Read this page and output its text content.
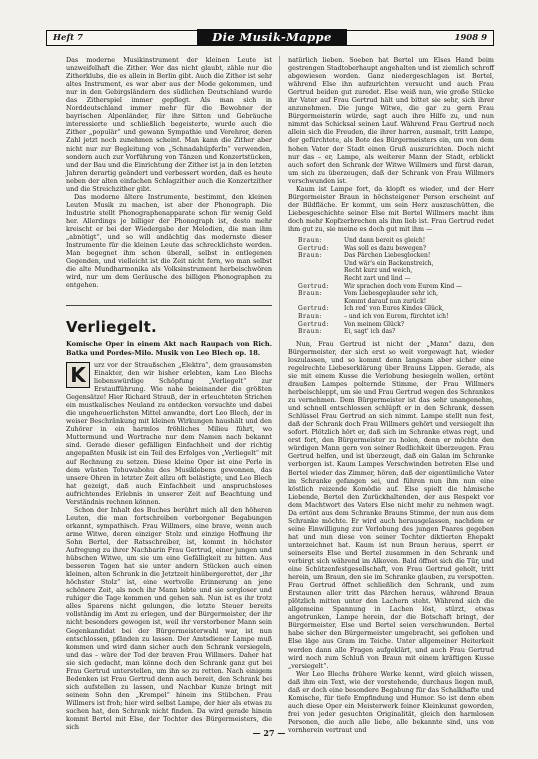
Heft 7	Die Musik-Mappe	1908 9

Das moderne Musikinstrument der kleinen Leute ist unzweifelhaft die Zither. Wer das nicht glaubt, zähle nur die Zitherklubs, die es allein in Berlin gibt. Auch die Zither ist sehr altes Instrument, es war aber aus der Mode gekommen, und nur in den Gebirgsländern des südlichen Deutschland wurde das Zitherspiel immer gepflegt. Als man sich in Norddeutschland immer mehr für die Bewohner der bayrischen Alpenländer, für ihre Sitten und Gebräuche interessierte und schließlich begeisterte, wurde auch die Zither „populär“ und gewann Sympathie und Verehrer, deren Zahl jetzt noch zunehmen scheint. Man kann die Zither aber nicht nur zur Begleitung von „Schnadahüpferln“ verwenden, sondern auch zur Vorführung von Tänzen und Konzertstücken, und der Bau und die Einrichtung der Zither ist ja in den letzten Jahren derartig geändert und verbessert worden, daß es heute neben der alten einfachen Schlagzither auch die Konzertzither und die Streichzither gibt.

Das moderne ältere Instrumente, bestimmt, den kleinen Leuten Musik zu machen, ist aber der Phonograph. Die Industrie stellt Phonographenapparate schon für wenig Geld her. Allerdings je billiger der Phonograph ist, desto mehr kreischt er bei der Wiedergabe der Melodien, die man ihm „abnötigt“, und so will andächtig das modernste dieser Instrumente für die kleinen Leute das schrecklichste werden. Man begegnet ihm schon überall, selbst in entlegenen Gegenden, und vielleicht ist die Zeit nicht fern, wo man selbst die alte Mundharmonika als Volksinstrument herbeischwören wird, nur um dem Geräusche des billigen Phonographen zu entgehen.

Verliegelt.
Komische Oper in einem Akt nach Raupach von Rich. Batka und Pordes-Milo. Musik von Leo Blech op. 18.
K	urz vor der Straußschen „Elektra“, dem grausamsten Einakter, den wir bisher erlebten, kam Leo Blechs liebenswürdige Schöpfung „Verliegelt“ zur Erstaufführung. Wie nahe beieinander die größten Gegensätze! Hier Richard Strauß, der in erleuchteten Strichen ein mustkalisches Neuland zu entdecken versuchte und dabei die ungeheuerlichsten Mittel anwandte, dort Leo Blech, der in weiser Beschränkung mit kleinen Wirkungen haushält und den Zuhörer in ein harmlos fröhliches Milieu führt, wo Muttermund und Wortrache nur dem Namen nach bekannt sind. Gerade dieser gefälligen Einfachheit und der richtig angepaßten Musik ist ein Teil des Erfolges von „Verliegelt“ mit auf Rechnung zu setzen. Diese kleine Oper ist eine Perle in dem wüsten Tohuwabohu des Musiklebens gewonnen, das unsere Ohren in letzter Zeit allzu oft belästigte, und Leo Blech hat gezeigt, daß auch Einfachheit und anspruchsloses aufrichtendes Erlebnis in unserer Zeit auf Beachtung und Verständnis rechnen können.

Schon der Inhalt des Buches berührt mich all den höheren Leuten, die man fortschreiben verborgener Begabungen erkannt, sympathisch. Frau Willmers, eine brave, wenn auch arme Witwe, deren einziger Stolz und einzige Hoffnung ihr Sohn Bertel, der Ratsschreiber, ist, kommt in höchster Aufregung zu ihrer Nachbarin Frau Gertrud, einer jungen und hübschen Witwe, um sie um eine Gefälligkeit zu bitten. Aus besseren Tagen hat sie unter andern Stücken auch einen kleinen, alten Schrank in die Jetztzeit hinübergerettet, der „ihr höchster Stolz“ ist, eine wertvolle Erinnerung an jene schönere Zeit, als noch ihr Mann lebte und sie sorgloser und ruhiger die Tage kommen und gehen sah. Nun ist es ihr trotz alles Sparens nicht gelungen, die letzte Steuer bereits vollständig im Amt zu erlegen, und der Bürgermeister, der ihr nicht besonders gewogen ist, weil ihr verstorbener Mann sein Gegenkandidat bei der Bürgermeisterwahl war, ist nun entschlossen, pfänden zu lassen. Der Amtsdiener Lampe muß kommen und wird dann sicher auch den Schrank versiegeln, und das – wäre der Tod der braven Frau Willmers. Daher hat sie sich gedacht, man könne doch den Schrank ganz gut bei Frau Gertrud unterstellen, um ihn so zu retten. Nach einigem Bedenken ist Frau Gertrud denn auch bereit, den Schrank bei sich aufstellen zu lassen, und Nachbar Kunze bringt mit seinem Sohn den „Krempel“ hinein ins Stübchen. Frau Willmers ist froh; hier wird selbst Lampe, der hier als etwas zu suchen hat, den Schrank nicht finden. Da wird gerade hinein kommt Bertel mit Else, der Tochter des Bürgermeisters, die sich

natürlich lieben. Soeben hat Bertel um Elses Hand beim gestrengen Stadtoberhaupt angehalten und ist ziemlich schroff abgewiesen worden. Ganz niedergeschlagen ist Bertel, während Else ihn aufzurichten versucht und auch Frau Gertrud beiden gut zuredet. Else weiß nun, wie große Stücke ihr Vater auf Frau Gertrud hält und bittet sie sehr, sich ihrer anzunehmen. Die junge Witwe, die gar zu gern Frau Bürgermeisterin würde, sagt auch ihre Hilfe zu, und nun nimmt das Schicksal seinen Lauf. Während Frau Gertrud noch allein sich die Freuden, die ihrer harren, ausmalt, tritt Lampe, der gefürchtete, als Bote des Bürgermeisters ein, um von dem hohen Vater der Stadt einen Gruß auszurichten. Doch nicht nur das – er, Lampe, als weiterer Mann der Stadt, erblickt auch sofort den Schrank der Witwe Willmers und fürst daran, um sich zu überzeugen, daß der Schrank von Frau Willmers verschwunden ist.

Kaum ist Lampe fort, da klopft es wieder, und der Herr Bürgermeister Braun in höchsteigener Person erscheint auf der Bildfläche. Er kommt, um sein Herz auszuschütten, die Liebesgeschichte seiner Else mit Bertel Willmers macht ihm doch mehr Kopfzerbrechen als ihm lieb ist. Frau Gertrud redet ihm gut zu, sie meine es doch gut mit ihm —

Braun:	Und dann bereit es gleich!
Gertrud:	Was soll es dazu bewegen?
Braun:	Das Pärchen Liebesglocken!
Und wär's ein Backenstreich,
Recht kurz und weich,
Recht zart und lind —
Gertrud:	Wir sprachen doch vom Eurem Kind —
Braun:	Vom Liebesgeplauder sehr ich,
Kommt darauf nun zurück!
Gertrud:	Ich red' von Eures Kindes Glück,
Braun:	– und ich von Eurem, fürchtet ich!
Gertrud:	Von meinem Glück?
Braun:	Ei, sagt' ich das?

Nun, Frau Gertrud ist nicht der „Mann“ dazu, den Bürgermeister, der sich erst so weit vorgewagt hat, wieder loszulassen, und so kommt denn langsam aber sicher eine regelrechte Liebeserklärung über Brauns Lippen. Gerade, als sie mit einem Kusse die Verlobung besiegeln wollen, ertönt draußen Lampes polternde Stimme, der Frau Willmers herbeischleppt, um sie und Frau Gertrud wegen des Schrankes zu vernehmen. Dem Bürgermeister ist das sehr unangenehm, und schnell entschlossen schlüpft er in den Schrank, dessen Schlüssel Frau Gertrud an sich nimmt. Lampe stellt nun fest, daß der Schrank doch Frau Willmers gehört und versiegelt ihn sofort. Plötzlich hört er, daß sich im Schranke etwas regt, und erst fort, den Bürgermeister zu holen, denn er möchte den würdigen Mann gern von seiner Redlichkeit überzeugen. Frau Gertrud helfen, und ist überzeugt, daß ein Galan im Schranke verborgen ist. Kaum Lampes Verschwinden betreten Else und Bertel wieder das Zimmer, hören, daß der eigentümliche Vater im Schranke gefangen sei, und führen nun ihm nun eine köstlich reizende Komödie auf. Else spielt die hämische Liebende, Bertel den Zurückhaltenden, der aus Respekt vor dem Machtwort des Vaters Else nicht mehr zu nehmen wagt. Da ertönt aus dem Schranke Brauns Stimme, der nun aus dem Schranke möchte. Er wird auch herausgelassen, nachdem er seine Einwilligung zur Verlobung des jungen Paares gegeben hat und nun diese von seiner Tochter diktierten Ehepakt unterzeichnet hat. Kaum ist nun Braun heraus, sperrt er seinerseits Else und Bertel zusammen in den Schrank und verbirgt sich während im Alkoven. Bald öffnet sich die Tür, und eine Schützenfestgesellschaft, von Frau Gertrud geholt, tritt herein, um Braun, den sie im Schranke glauben, zu verspotten. Frau Gertrud öffnet schließlich den Schrank, und zum Erstaunen aller tritt das Pärchen heraus, während Braun plötzlich mitten unter den Lachern steht. Während sich die allgemeine Spannung in Lachen löst, stürzt, etwas angetrunken, Lampe herein, der die Botschaft bringt, der Bürgermeister, Else und Bertel seien verschwunden. Bertel habe sicher den Bürgermeister umgebracht, sei geflohen und Else läge aus Gram im Teiche. Unter allgemeiner Heiterkeit werden dann alle Fragen aufgeklärt, und auch Frau Gertrud wird noch zum Schluß von Braun mit einem kräftigen Kusse „versiegelt“.

Wer Leo Blechs frühere Werke kennt, wird gleich wissen, daß ihm ein Text, wie der vorstehende, durchaus liegen muß, daß er doch eine besondere Begabung für das Schalkhafte und Komische, für tiefe Empfindung und Humor. So ist denn eben auch diese Oper ein Meisterwerk feiner Kleinkunst geworden, frei von jeder gesuchten Originalität, gleich den harmlosen Personen, die auch alle liebe, alle bekannte sind, uns von vornherein vertraut und

— 27 —
